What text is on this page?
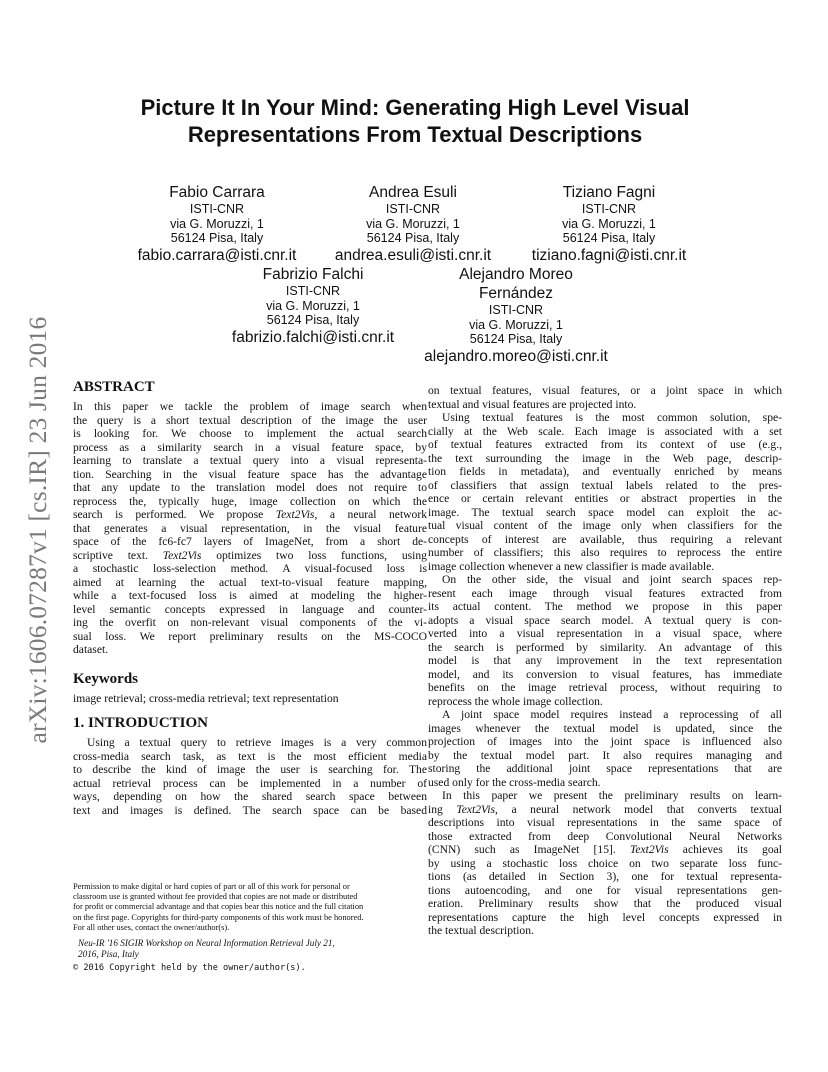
arXiv:1606.07287v1 [cs.IR] 23 Jun 2016
Picture It In Your Mind: Generating High Level Visual
Representations From Textual Descriptions
Fabio Carrara
ISTI-CNR
via G. Moruzzi, 1
56124 Pisa, Italy
fabio.carrara@isti.cnr.it
Andrea Esuli
ISTI-CNR
via G. Moruzzi, 1
56124 Pisa, Italy
andrea.esuli@isti.cnr.it
Tiziano Fagni
ISTI-CNR
via G. Moruzzi, 1
56124 Pisa, Italy
tiziano.fagni@isti.cnr.it
Fabrizio Falchi
ISTI-CNR
via G. Moruzzi, 1
56124 Pisa, Italy
fabrizio.falchi@isti.cnr.it
Alejandro Moreo
Fernández
ISTI-CNR
via G. Moruzzi, 1
56124 Pisa, Italy
alejandro.moreo@isti.cnr.it
ABSTRACT
In this paper we tackle the problem of image search when
the query is a short textual description of the image the user
is looking for. We choose to implement the actual search
process as a similarity search in a visual feature space, by
learning to translate a textual query into a visual representa-
tion. Searching in the visual feature space has the advantage
that any update to the translation model does not require to
reprocess the, typically huge, image collection on which the
search is performed. We propose Text2Vis, a neural network
that generates a visual representation, in the visual feature
space of the fc6-fc7 layers of ImageNet, from a short de-
scriptive text. Text2Vis optimizes two loss functions, using
a stochastic loss-selection method. A visual-focused loss is
aimed at learning the actual text-to-visual feature mapping,
while a text-focused loss is aimed at modeling the higher-
level semantic concepts expressed in language and counter-
ing the overfit on non-relevant visual components of the vi-
sual loss. We report preliminary results on the MS-COCO
dataset.
Keywords
image retrieval; cross-media retrieval; text representation
1. INTRODUCTION
Using a textual query to retrieve images is a very common
cross-media search task, as text is the most efficient media
to describe the kind of image the user is searching for. The
actual retrieval process can be implemented in a number of
ways, depending on how the shared search space between
text and images is defined. The search space can be based
on textual features, visual features, or a joint space in which
textual and visual features are projected into.
Using textual features is the most common solution, spe-
cially at the Web scale. Each image is associated with a set
of textual features extracted from its context of use (e.g.,
the text surrounding the image in the Web page, descrip-
tion fields in metadata), and eventually enriched by means
of classifiers that assign textual labels related to the pres-
ence or certain relevant entities or abstract properties in the
image. The textual search space model can exploit the ac-
tual visual content of the image only when classifiers for the
concepts of interest are available, thus requiring a relevant
number of classifiers; this also requires to reprocess the entire
image collection whenever a new classifier is made available.
On the other side, the visual and joint search spaces rep-
resent each image through visual features extracted from
its actual content. The method we propose in this paper
adopts a visual space search model. A textual query is con-
verted into a visual representation in a visual space, where
the search is performed by similarity. An advantage of this
model is that any improvement in the text representation
model, and its conversion to visual features, has immediate
benefits on the image retrieval process, without requiring to
reprocess the whole image collection.
A joint space model requires instead a reprocessing of all
images whenever the textual model is updated, since the
projection of images into the joint space is influenced also
by the textual model part. It also requires managing and
storing the additional joint space representations that are
used only for the cross-media search.
In this paper we present the preliminary results on learn-
ing Text2Vis, a neural network model that converts textual
descriptions into visual representations in the same space of
those extracted from deep Convolutional Neural Networks
(CNN) such as ImageNet [15]. Text2Vis achieves its goal
by using a stochastic loss choice on two separate loss func-
tions (as detailed in Section 3), one for textual representa-
tions autoencoding, and one for visual representations gen-
eration. Preliminary results show that the produced visual
representations capture the high level concepts expressed in
the textual description.
Permission to make digital or hard copies of part or all of this work for personal or
classroom use is granted without fee provided that copies are not made or distributed
for profit or commercial advantage and that copies bear this notice and the full citation
on the first page. Copyrights for third-party components of this work must be honored.
For all other uses, contact the owner/author(s).
Neu-IR '16 SIGIR Workshop on Neural Information Retrieval July 21,
2016, Pisa, Italy
© 2016 Copyright held by the owner/author(s).
